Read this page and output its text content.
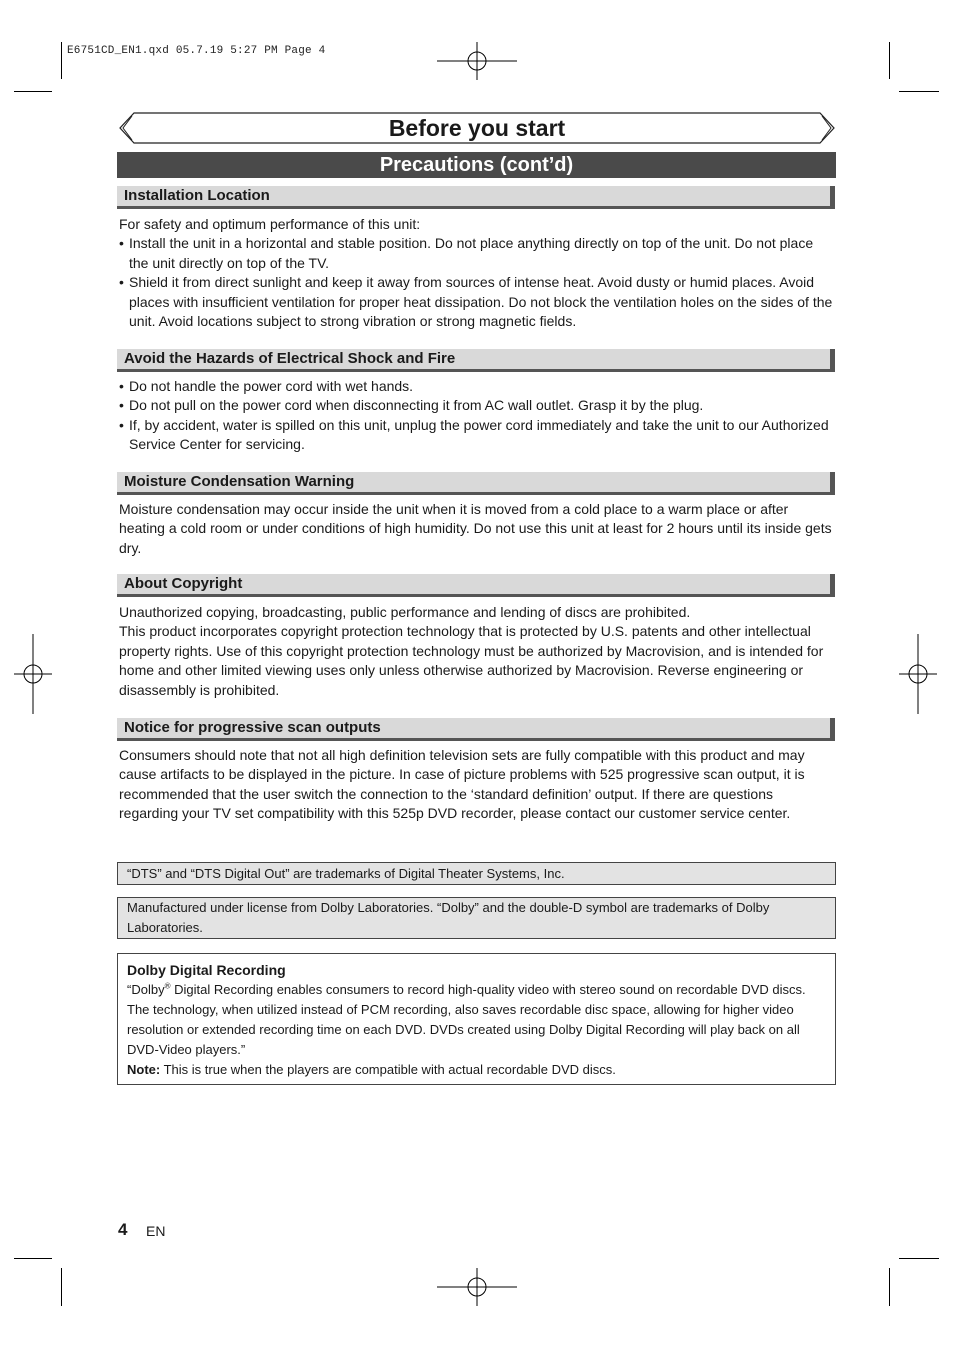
E6751CD_EN1.qxd 05.7.19 5:27 PM Page 4
Before you start
Precautions (cont’d)
Installation Location

For safety and optimum performance of this unit:

• Install the unit in a horizontal and stable position. Do not place anything directly on top of the unit. Do not place the unit directly on top of the TV.
• Shield it from direct sunlight and keep it away from sources of intense heat. Avoid dusty or humid places. Avoid places with insufficient ventilation for proper heat dissipation. Do not block the ventilation holes on the sides of the unit. Avoid locations subject to strong vibration or strong magnetic fields.
Avoid the Hazards of Electrical Shock and Fire
• Do not handle the power cord with wet hands.
• Do not pull on the power cord when disconnecting it from AC wall outlet. Grasp it by the plug.
• If, by accident, water is spilled on this unit, unplug the power cord immediately and take the unit to our Authorized Service Center for servicing.
Moisture Condensation Warning

Moisture condensation may occur inside the unit when it is moved from a cold place to a warm place or after heating a cold room or under conditions of high humidity. Do not use this unit at least for 2 hours until its inside gets dry.

About Copyright

Unauthorized copying, broadcasting, public performance and lending of discs are prohibited.

This product incorporates copyright protection technology that is protected by U.S. patents and other intellectual property rights. Use of this copyright protection technology must be authorized by Macrovision, and is intended for home and other limited viewing uses only unless otherwise authorized by Macrovision. Reverse engineering or disassembly is prohibited.

Notice for progressive scan outputs

Consumers should note that not all high definition television sets are fully compatible with this product and may cause artifacts to be displayed in the picture. In case of picture problems with 525 progressive scan output, it is recommended that the user switch the connection to the ‘standard definition’ output. If there are questions regarding your TV set compatibility with this 525p DVD recorder, please contact our customer service center.

“DTS” and “DTS Digital Out” are trademarks of Digital Theater Systems, Inc.
Manufactured under license from Dolby Laboratories. “Dolby” and the double-D symbol are trademarks of Dolby Laboratories.
Dolby Digital Recording
“Dolby® Digital Recording enables consumers to record high-quality video with stereo sound on recordable DVD discs. The technology, when utilized instead of PCM recording, also saves recordable disc space, allowing for higher video resolution or extended recording time on each DVD. DVDs created using Dolby Digital Recording will play back on all DVD-Video players.”
Note: This is true when the players are compatible with actual recordable DVD discs.
4 EN
